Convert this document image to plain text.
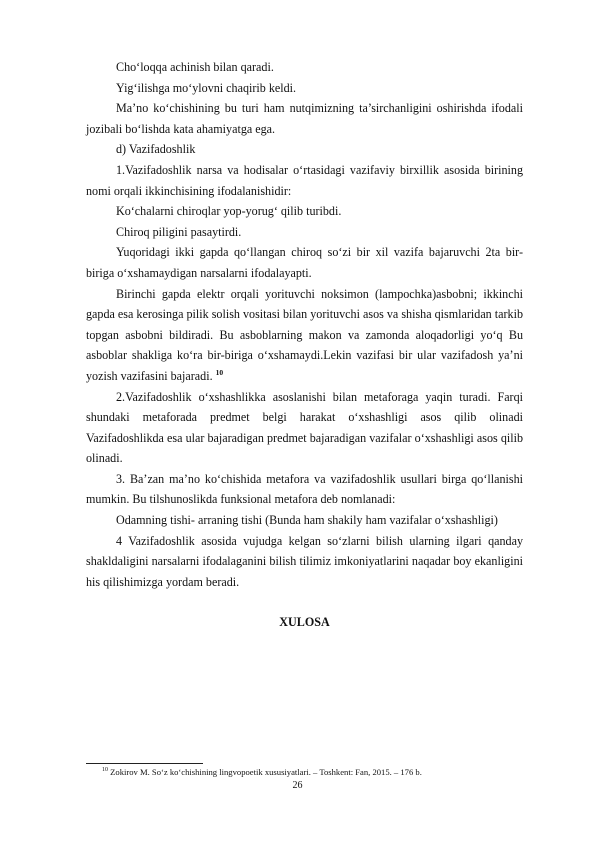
Cho‘loqqa achinish bilan qaradi.

Yig‘ilishga mo‘ylovni chaqirib keldi.

Ma’no ko‘chishining bu turi ham nutqimizning ta’sirchanligini oshirishda ifodali jozibali bo‘lishda kata ahamiyatga ega.

d) Vazifadoshlik

1.Vazifadoshlik narsa va hodisalar o‘rtasidagi vazifaviy birxillik asosida birining nomi orqali ikkinchisining ifodalanishidir:

Ko‘chalarni chiroqlar yop-yorug‘ qilib turibdi.

Chiroq piligini pasaytirdi.

Yuqoridagi ikki gapda qo‘llangan chiroq so‘zi bir xil vazifa bajaruvchi 2ta bir-biriga o‘xshamaydigan narsalarni ifodalayapti.

Birinchi gapda elektr orqali yorituvchi noksimon (lampochka)asbobni; ikkinchi gapda esa kerosinga pilik solish vositasi bilan yorituvchi asos va shisha qismlaridan tarkib topgan asbobni bildiradi. Bu asboblarning makon va zamonda aloqadorligi yo‘q Bu asboblar shakliga ko‘ra bir-biriga o‘xshamaydi.Lekin vazifasi bir ular vazifadosh ya’ni yozish vazifasini bajaradi. $^{10}$

2.Vazifadoshlik o‘xshashlikka asoslanishi bilan metaforaga yaqin turadi. Farqi shundaki metaforada predmet belgi harakat o‘xshashligi asos qilib olinadi Vazifadoshlikda esa ular bajaradigan predmet bajaradigan vazifalar o‘xshashligi asos qilib olinadi.

3. Ba’zan ma’no ko‘chishida metafora va vazifadoshlik usullari birga qo‘llanishi mumkin. Bu tilshunoslikda funksional metafora deb nomlanadi:

Odamning tishi- arraning tishi (Bunda ham shakily ham vazifalar o‘xshashligi)

4 Vazifadoshlik asosida vujudga kelgan so‘zlarni bilish ularning ilgari qanday shakldaligini narsalarni ifodalaganini bilish tilimiz imkoniyatlarini naqadar boy ekanligini his qilishimizga yordam beradi.

XULOSA

$^{10}$ Zokirov M. So‘z ko‘chishining lingvopoetik xususiyatlari. – Toshkent: Fan, 2015. – 176 b.

26
